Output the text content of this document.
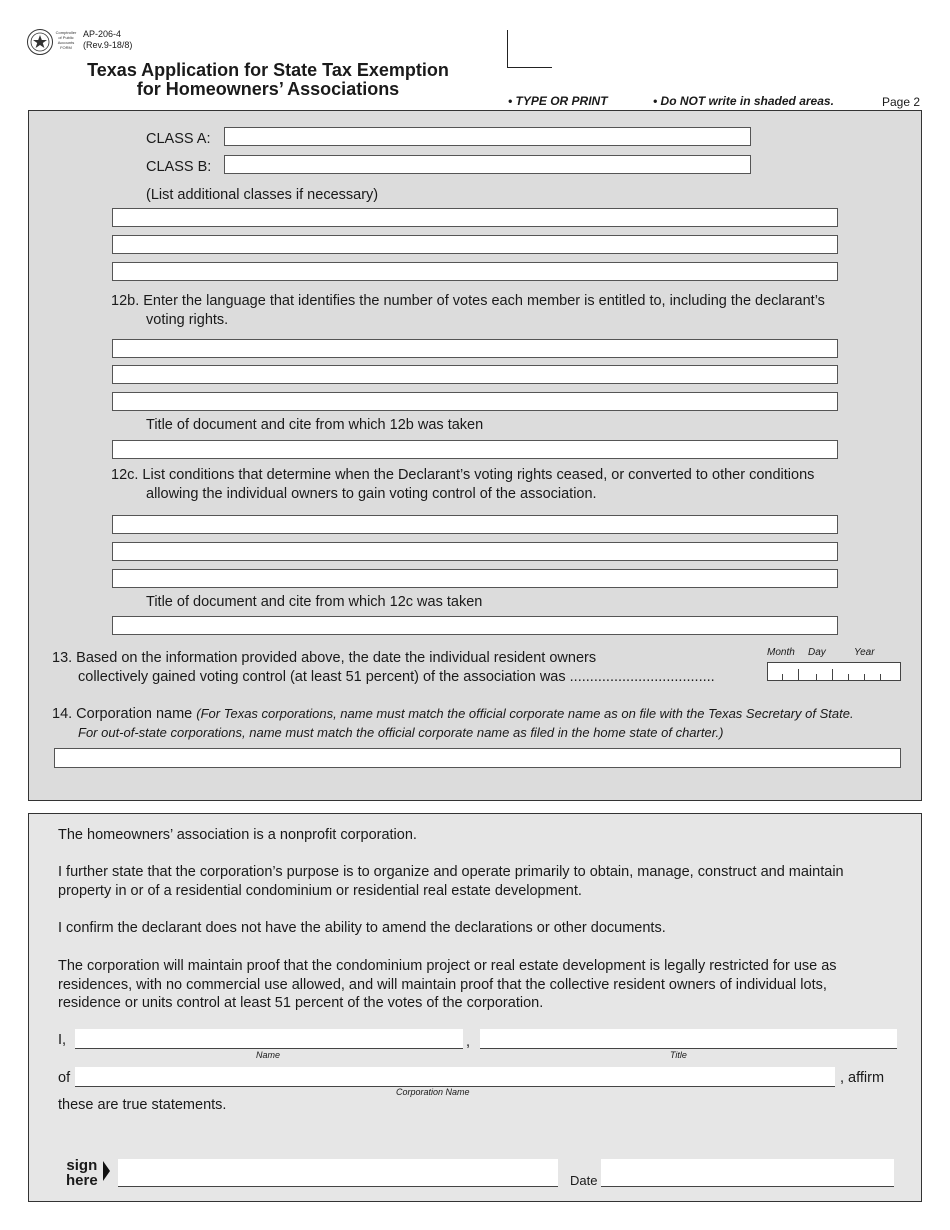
Comptroller of Public Accounts FORM
AP-206-4
(Rev.9-18/8)
Texas Application for State Tax Exemption
for Homeowners’ Associations
• TYPE OR PRINT	• Do NOT write in shaded areas.	Page 2
CLASS A:
CLASS B:
(List additional classes if necessary)
12b. Enter the language that identifies the number of votes each member is entitled to, including the declarant’s
voting rights.
Title of document and cite from which 12b was taken
12c. List conditions that determine when the Declarant’s voting rights ceased, or converted to other conditions
allowing the individual owners to gain voting control of the association.
Title of document and cite from which 12c was taken
13. Based on the information provided above, the date the individual resident owners
collectively gained voting control (at least 51 percent) of the association was ....................................
Month Day	Year
14. Corporation name (For Texas corporations, name must match the official corporate name as on file with the Texas Secretary of State.
For out-of-state corporations, name must match the official corporate name as filed in the home state of charter.)
The homeowners’ association is a nonprofit corporation.
I further state that the corporation’s purpose is to organize and operate primarily to obtain, manage, construct and maintain
property in or of a residential condominium or residential real estate development.
I confirm the declarant does not have the ability to amend the declarations or other documents.
The corporation will maintain proof that the condominium project or real estate development is legally restricted for use as
residences, with no commercial use allowed, and will maintain proof that the collective resident owners of individual lots,
residence or units control at least 51 percent of the votes of the corporation.
I,	,
Name	Title
of	, affirm
Corporation Name
these are true statements.
sign
here	Date
